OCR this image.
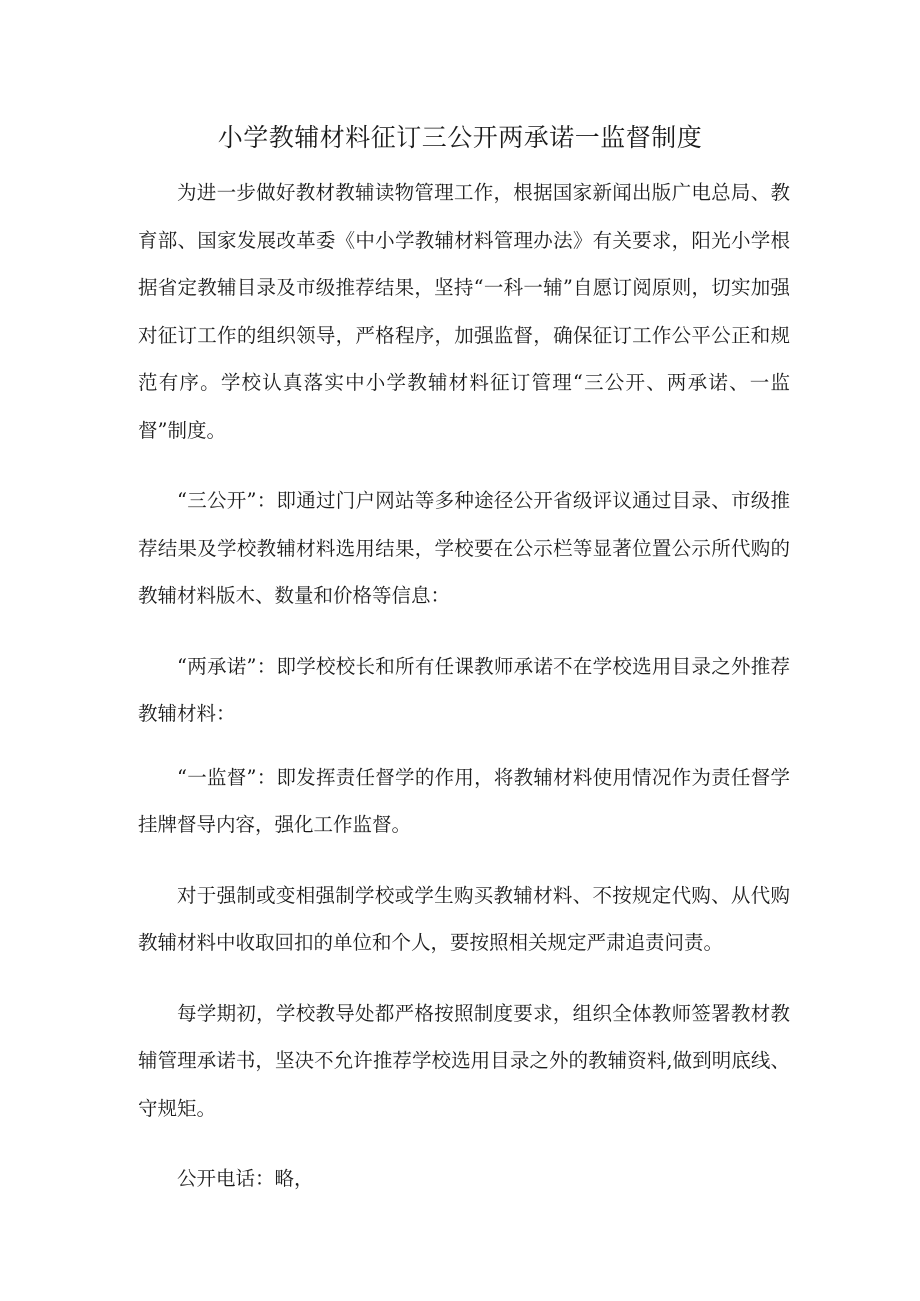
小学教辅材料征订三公开两承诺一监督制度

为进一步做好教材教辅读物管理工作，根据国家新闻出版广电总局、教育部、国家发展改革委《中小学教辅材料管理办法》有关要求，阳光小学根据省定教辅目录及市级推荐结果，坚持“一科一辅”自愿订阅原则，切实加强对征订工作的组织领导，严格程序，加强监督，确保征订工作公平公正和规范有序。学校认真落实中小学教辅材料征订管理“三公开、两承诺、一监督”制度。

“三公开”：即通过门户网站等多种途径公开省级评议通过目录、市级推荐结果及学校教辅材料选用结果，学校要在公示栏等显著位置公示所代购的教辅材料版木、数量和价格等信息：

“两承诺”：即学校校长和所有任课教师承诺不在学校选用目录之外推荐教辅材料：

“一监督”：即发挥责任督学的作用，将教辅材料使用情况作为责任督学挂牌督导内容，强化工作监督。

对于强制或变相强制学校或学生购买教辅材料、不按规定代购、从代购教辅材料中收取回扣的单位和个人，要按照相关规定严肃追责问责。

每学期初，学校教导处都严格按照制度要求，组织全体教师签署教材教辅管理承诺书，坚决不允许推荐学校选用目录之外的教辅资料,做到明底线、守规矩。

公开电话：略，
